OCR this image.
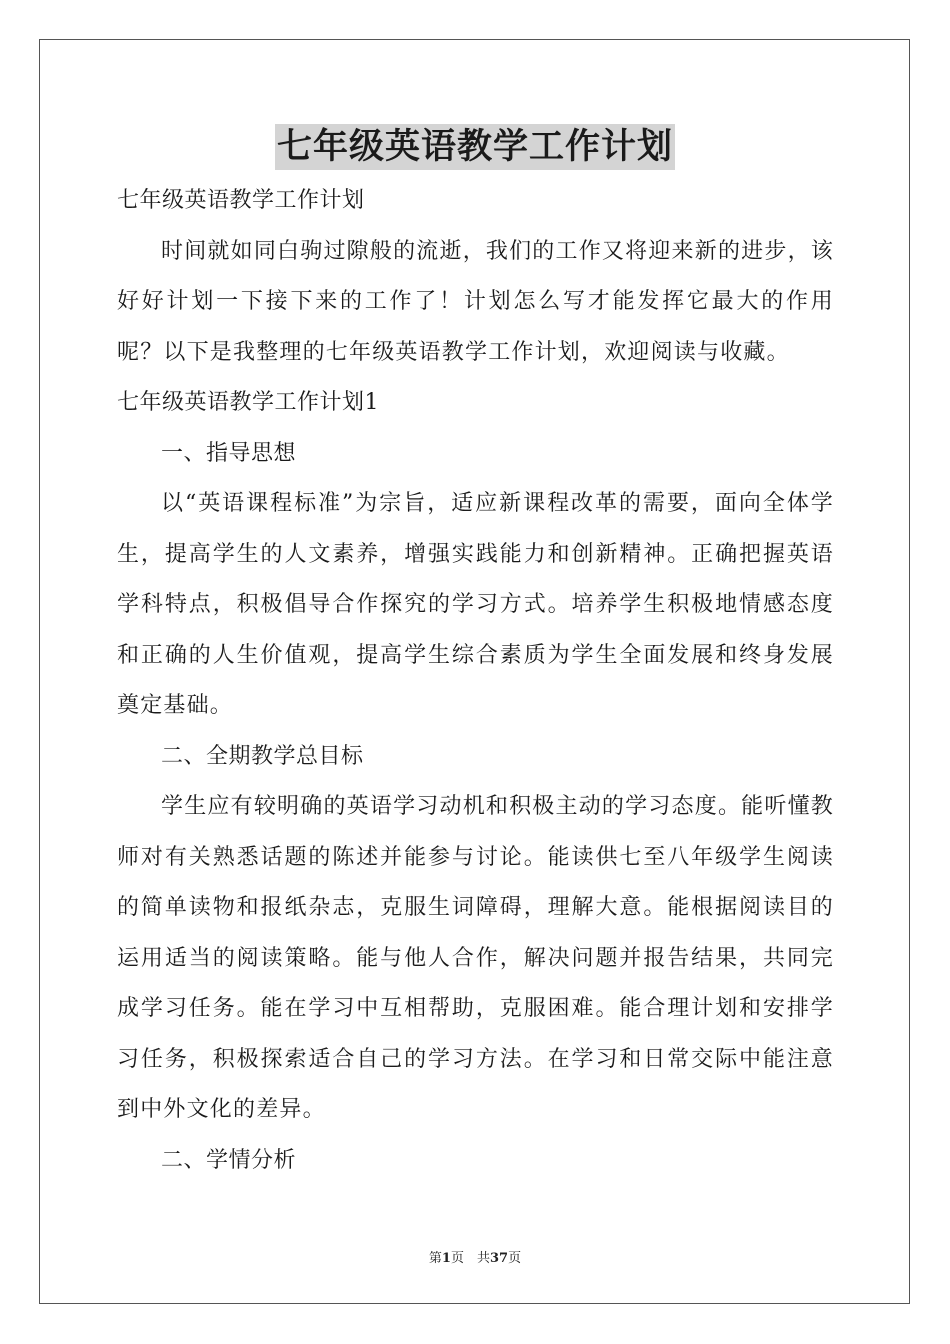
七年级英语教学工作计划
七年级英语教学工作计划
时间就如同白驹过隙般的流逝，我们的工作又将迎来新的进步，该好好计划一下接下来的工作了！计划怎么写才能发挥它最大的作用呢？以下是我整理的七年级英语教学工作计划，欢迎阅读与收藏。
七年级英语教学工作计划1
一、指导思想
以“英语课程标准”为宗旨，适应新课程改革的需要，面向全体学生，提高学生的人文素养，增强实践能力和创新精神。正确把握英语学科特点，积极倡导合作探究的学习方式。培养学生积极地情感态度和正确的人生价值观，提高学生综合素质为学生全面发展和终身发展奠定基础。
二、全期教学总目标
学生应有较明确的英语学习动机和积极主动的学习态度。能听懂教师对有关熟悉话题的陈述并能参与讨论。能读供七至八年级学生阅读的简单读物和报纸杂志，克服生词障碍，理解大意。能根据阅读目的运用适当的阅读策略。能与他人合作，解决问题并报告结果，共同完成学习任务。能在学习中互相帮助，克服困难。能合理计划和安排学习任务，积极探索适合自己的学习方法。在学习和日常交际中能注意到中外文化的差异。
二、学情分析
第1页　共37页
